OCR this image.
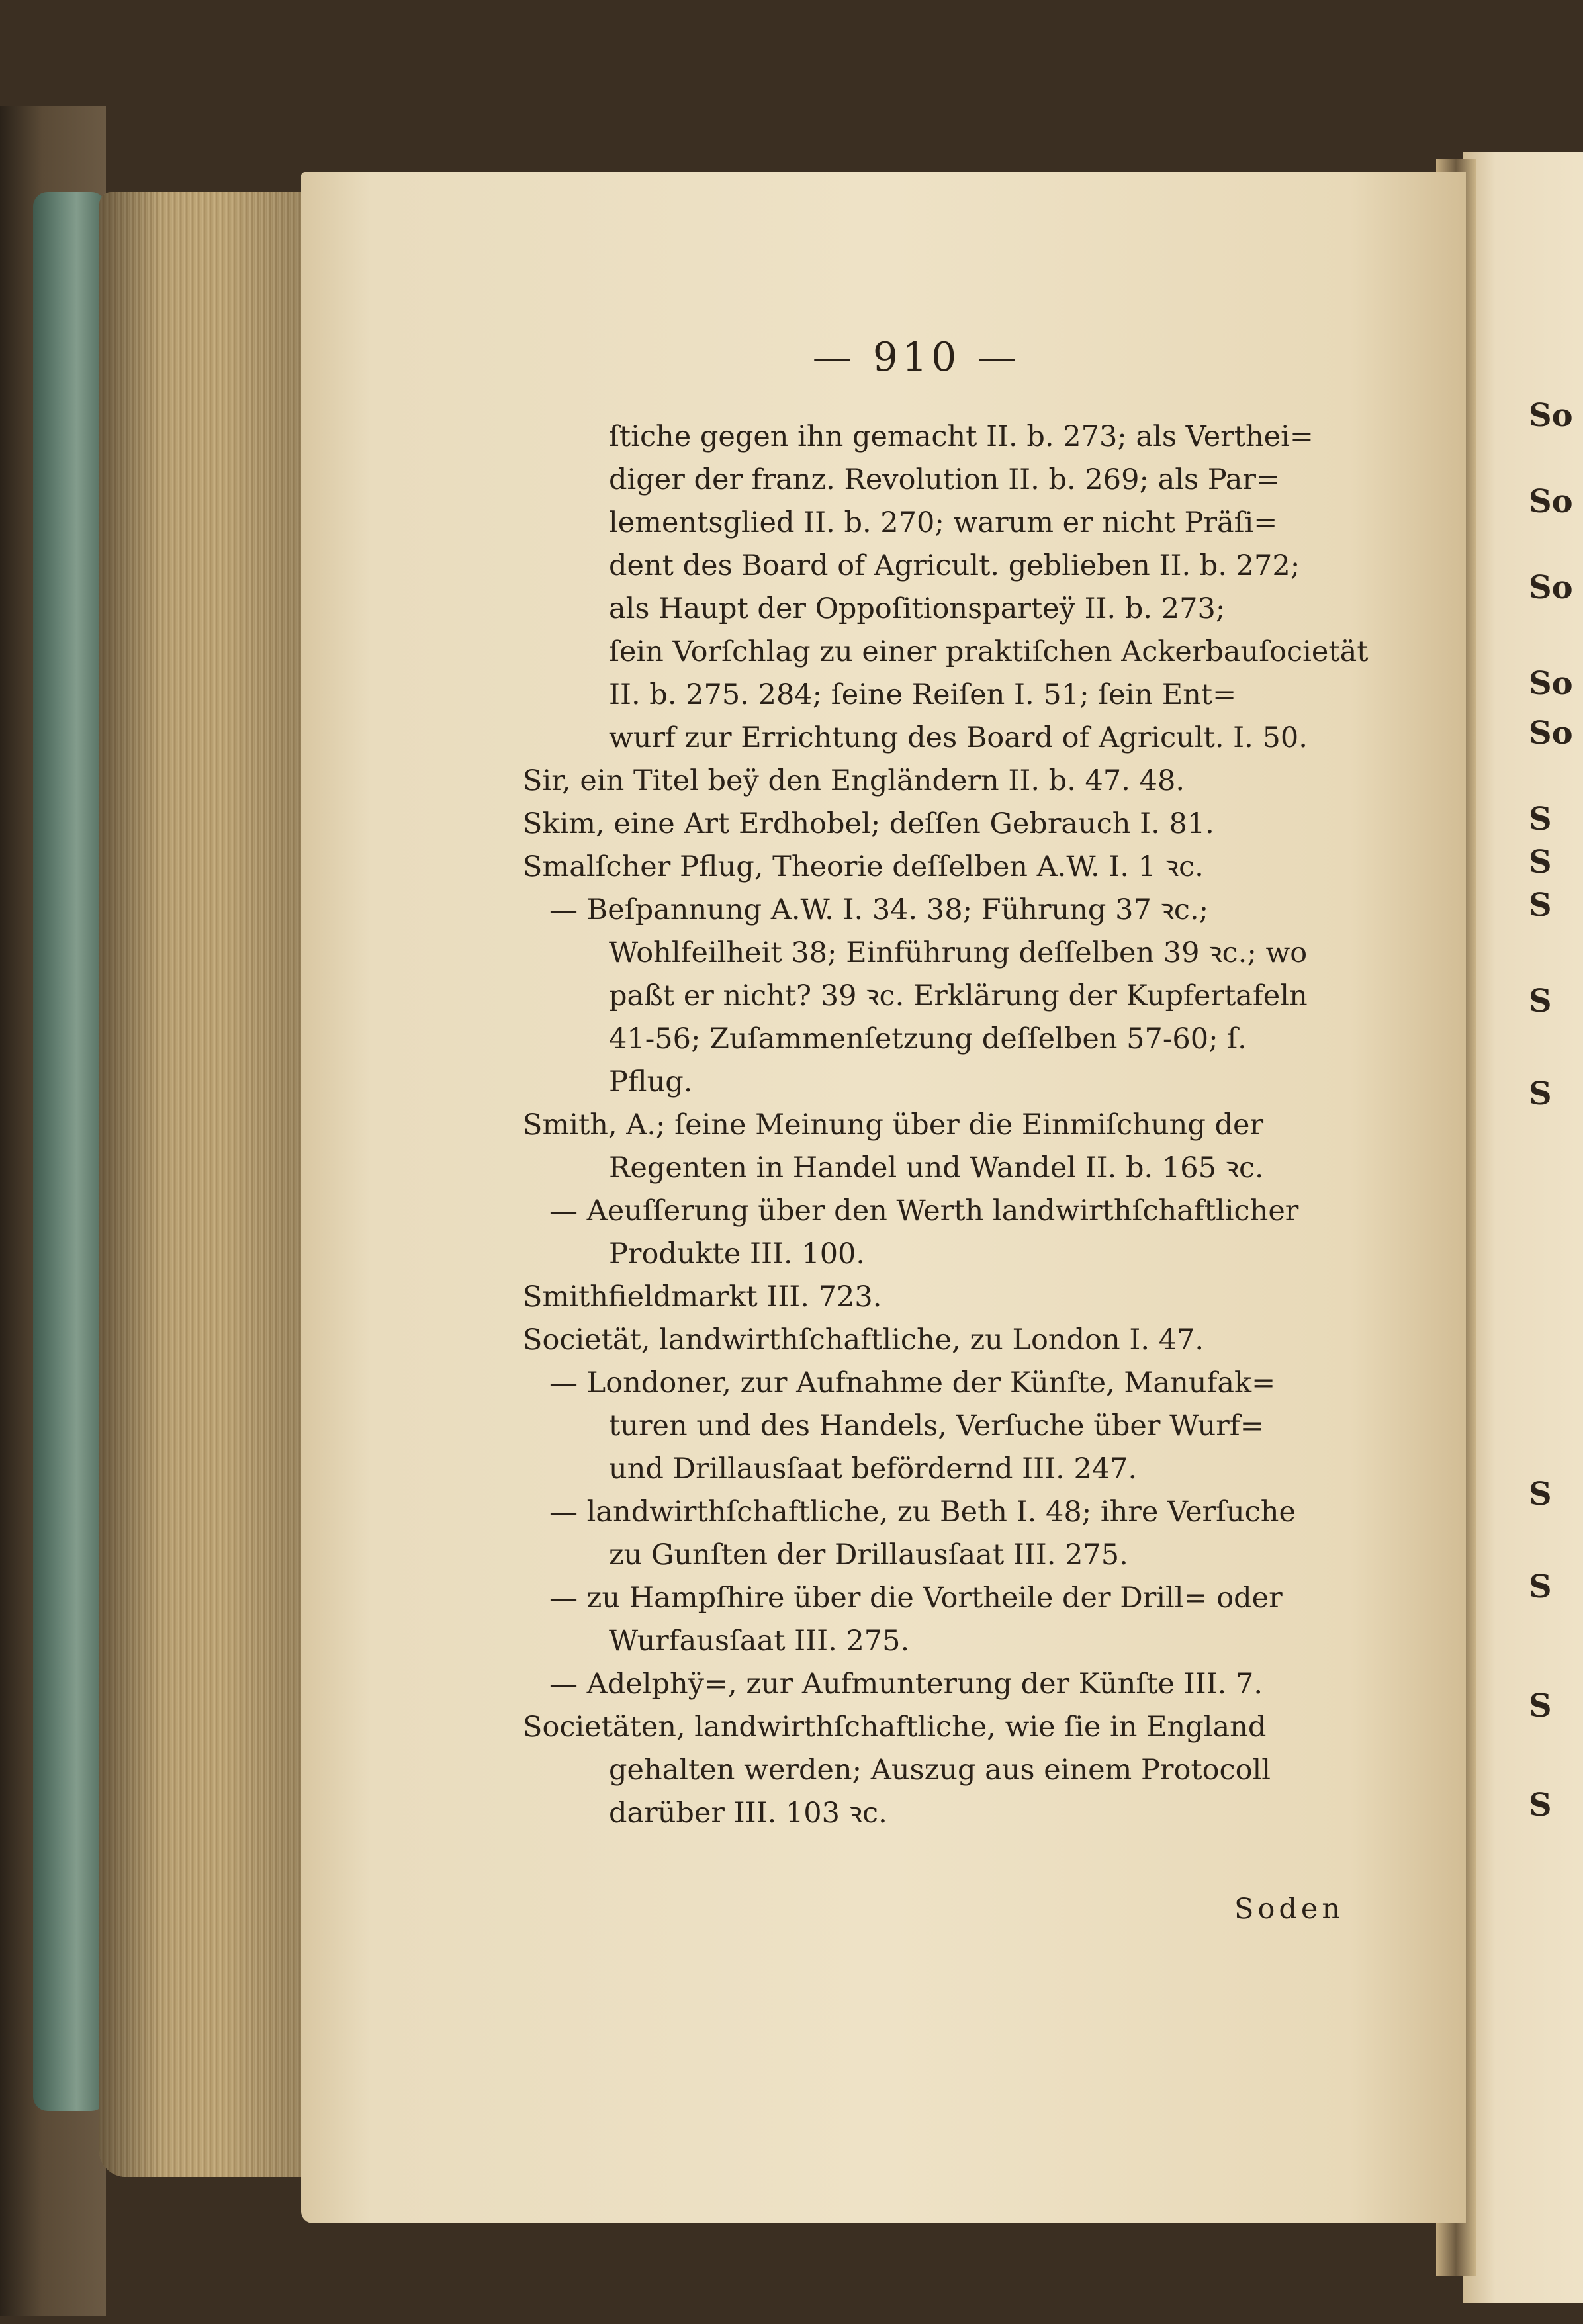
— 910 —
ſtiche gegen ihn gemacht II. b. 273; als Verthei=
diger der franz. Revolution II. b. 269; als Par=
lementsglied II. b. 270; warum er nicht Präſi=
dent des Board of Agricult. geblieben II. b. 272;
als Haupt der Oppoſitionsparteÿ II. b. 273;
ſein Vorſchlag zu einer praktiſchen Ackerbauſocietät
II. b. 275. 284; ſeine Reiſen I. 51; ſein Ent=
wurf zur Errichtung des Board of Agricult. I. 50.
Sir, ein Titel beÿ den Engländern II. b. 47. 48.
Skim, eine Art Erdhobel; deſſen Gebrauch I. 81.
Smalſcher Pflug, Theorie deſſelben A.W. I. 1 ꝛc.
— Beſpannung A.W. I. 34. 38; Führung 37 ꝛc.;
Wohlfeilheit 38; Einführung deſſelben 39 ꝛc.; wo
paßt er nicht? 39 ꝛc. Erklärung der Kupfertafeln
41-56; Zuſammenſetzung deſſelben 57-60; ſ.
Pflug.
Smith, A.; ſeine Meinung über die Einmiſchung der
Regenten in Handel und Wandel II. b. 165 ꝛc.
— Aeuſſerung über den Werth landwirthſchaftlicher
Produkte III. 100.
Smithfieldmarkt III. 723.
Societät, landwirthſchaftliche, zu London I. 47.
— Londoner, zur Aufnahme der Künſte, Manufak=
turen und des Handels, Verſuche über Wurf=
und Drillausſaat befördernd III. 247.
— landwirthſchaftliche, zu Beth I. 48; ihre Verſuche
zu Gunſten der Drillausſaat III. 275.
— zu Hampſhire über die Vortheile der Drill= oder
Wurfausſaat III. 275.
— Adelphÿ=, zur Aufmunterung der Künſte III. 7.
Societäten, landwirthſchaftliche, wie ſie in England
gehalten werden; Auszug aus einem Protocoll
darüber III. 103 ꝛc.
Soden
So
So
So
So
So
S
S
S
S
S
S
S
S
S
